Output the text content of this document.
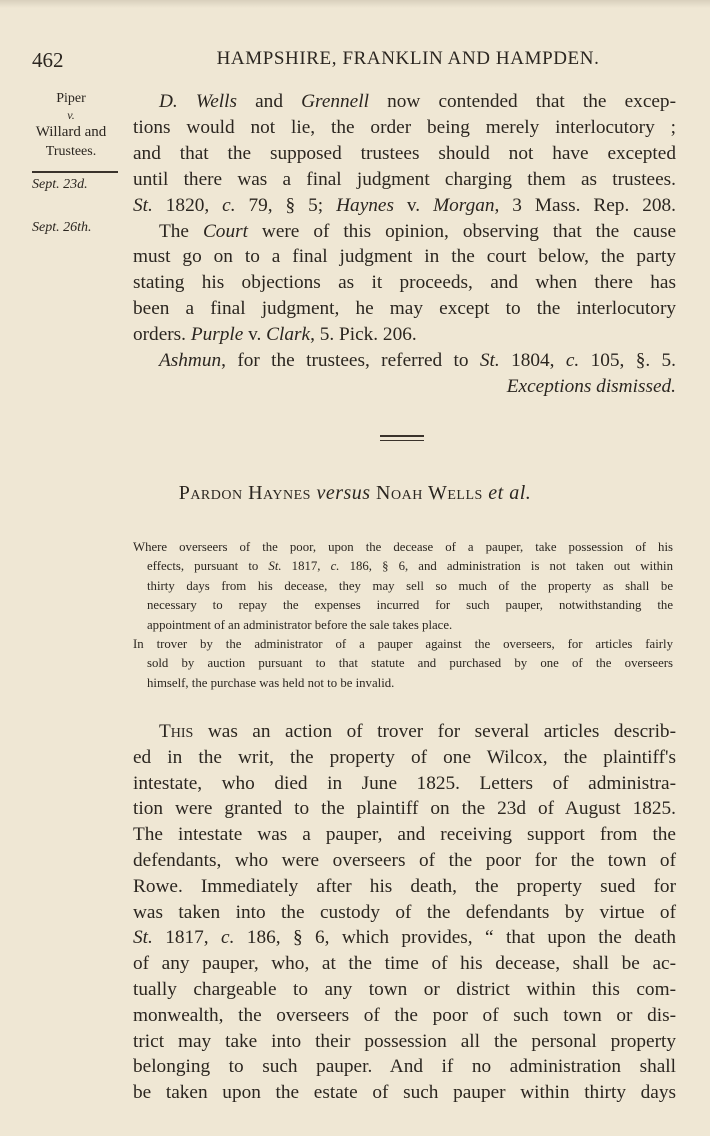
462	HAMPSHIRE, FRANKLIN AND HAMPDEN.
Piper
v.
Willard and
Trustees.
Sept. 23d.
Sept. 26th.
D. Wells and Grennell now contended that the excep-
tions would not lie, the order being merely interlocutory ;
and that the supposed trustees should not have excepted
until there was a final judgment charging them as trustees.
St. 1820, c. 79, § 5; Haynes v. Morgan, 3 Mass. Rep. 208.
The Court were of this opinion, observing that the cause
must go on to a final judgment in the court below, the party
stating his objections as it proceeds, and when there has
been a final judgment, he may except to the interlocutory
orders. Purple v. Clark, 5. Pick. 206.
Ashmun, for the trustees, referred to St. 1804, c. 105, §. 5.
Exceptions dismissed.
Pardon Haynes versus Noah Wells et al.
Where overseers of the poor, upon the decease of a pauper, take possession of his
effects, pursuant to St. 1817, c. 186, § 6, and administration is not taken out within
thirty days from his decease, they may sell so much of the property as shall be
necessary to repay the expenses incurred for such pauper, notwithstanding the
appointment of an administrator before the sale takes place.
In trover by the administrator of a pauper against the overseers, for articles fairly
sold by auction pursuant to that statute and purchased by one of the overseers
himself, the purchase was held not to be invalid.
This was an action of trover for several articles describ-
ed in the writ, the property of one Wilcox, the plaintiff's
intestate, who died in June 1825. Letters of administra-
tion were granted to the plaintiff on the 23d of August 1825.
The intestate was a pauper, and receiving support from the
defendants, who were overseers of the poor for the town of
Rowe. Immediately after his death, the property sued for
was taken into the custody of the defendants by virtue of
St. 1817, c. 186, § 6, which provides, “ that upon the death
of any pauper, who, at the time of his decease, shall be ac-
tually chargeable to any town or district within this com-
monwealth, the overseers of the poor of such town or dis-
trict may take into their possession all the personal property
belonging to such pauper. And if no administration shall
be taken upon the estate of such pauper within thirty days
